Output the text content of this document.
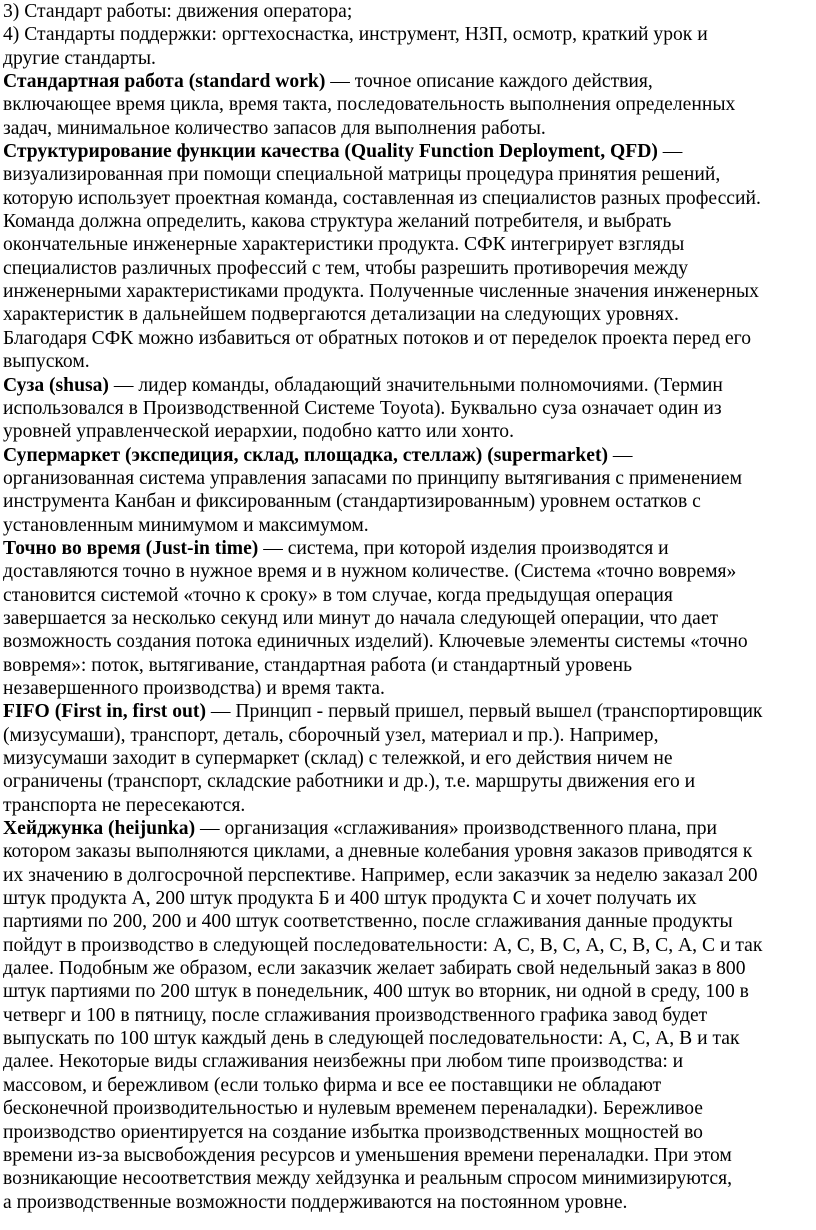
3) Стандарт работы: движения оператора;
4) Стандарты поддержки: оргтехоснастка, инструмент, НЗП, осмотр, краткий урок и
другие стандарты.
Стандартная работа (standard work) — точное описание каждого действия,
включающее время цикла, время такта, последовательность выполнения определенных
задач, минимальное количество запасов для выполнения работы.
Структурирование функции качества (Quality Function Deployment, QFD) —
визуализированная при помощи специальной матрицы процедура принятия решений,
которую использует проектная команда, составленная из специалистов разных профессий.
Команда должна определить, какова структура желаний потребителя, и выбрать
окончательные инженерные характеристики продукта. СФК интегрирует взгляды
специалистов различных профессий с тем, чтобы разрешить противоречия между
инженерными характеристиками продукта. Полученные численные значения инженерных
характеристик в дальнейшем подвергаются детализации на следующих уровнях.
Благодаря СФК можно избавиться от обратных потоков и от переделок проекта перед его
выпуском.
Суза (shusa) — лидер команды, обладающий значительными полномочиями. (Термин
использовался в Производственной Системе Toyota). Буквально суза означает один из
уровней управленческой иерархии, подобно катто или хонто.
Супермаркет (экспедиция, склад, площадка, стеллаж) (supermarket) —
организованная система управления запасами по принципу вытягивания с применением
инструмента Канбан и фиксированным (стандартизированным) уровнем остатков с
установленным минимумом и максимумом.
Точно во время (Just-in time) — система, при которой изделия производятся и
доставляются точно в нужное время и в нужном количестве. (Система «точно вовремя»
становится системой «точно к сроку» в том случае, когда предыдущая операция
завершается за несколько секунд или минут до начала следующей операции, что дает
возможность создания потока единичных изделий). Ключевые элементы системы «точно
вовремя»: поток, вытягивание, стандартная работа (и стандартный уровень
незавершенного производства) и время такта.
FIFO (First in, first out) — Принцип - первый пришел, первый вышел (транспортировщик
(мизусумаши), транспорт, деталь, сборочный узел, материал и пр.). Например,
мизусумаши заходит в супермаркет (склад) с тележкой, и его действия ничем не
ограничены (транспорт, складские работники и др.), т.е. маршруты движения его и
транспорта не пересекаются.
Хейджунка (heijunka) — организация «сглаживания» производственного плана, при
котором заказы выполняются циклами, а дневные колебания уровня заказов приводятся к
их значению в долгосрочной перспективе. Например, если заказчик за неделю заказал 200
штук продукта А, 200 штук продукта Б и 400 штук продукта С и хочет получать их
партиями по 200, 200 и 400 штук соответственно, после сглаживания данные продукты
пойдут в производство в следующей последовательности: А, С, В, С, А, С, В, С, А, С и так
далее. Подобным же образом, если заказчик желает забирать свой недельный заказ в 800
штук партиями по 200 штук в понедельник, 400 штук во вторник, ни одной в среду, 100 в
четверг и 100 в пятницу, после сглаживания производственного графика завод будет
выпускать по 100 штук каждый день в следующей последовательности: А, С, А, В и так
далее. Некоторые виды сглаживания неизбежны при любом типе производства: и
массовом, и бережливом (если только фирма и все ее поставщики не обладают
бесконечной производительностью и нулевым временем переналадки). Бережливое
производство ориентируется на создание избытка производственных мощностей во
времени из-за высвобождения ресурсов и уменьшения времени переналадки. При этом
возникающие несоответствия между хейдзунка и реальным спросом минимизируются,
а производственные возможности поддерживаются на постоянном уровне.
